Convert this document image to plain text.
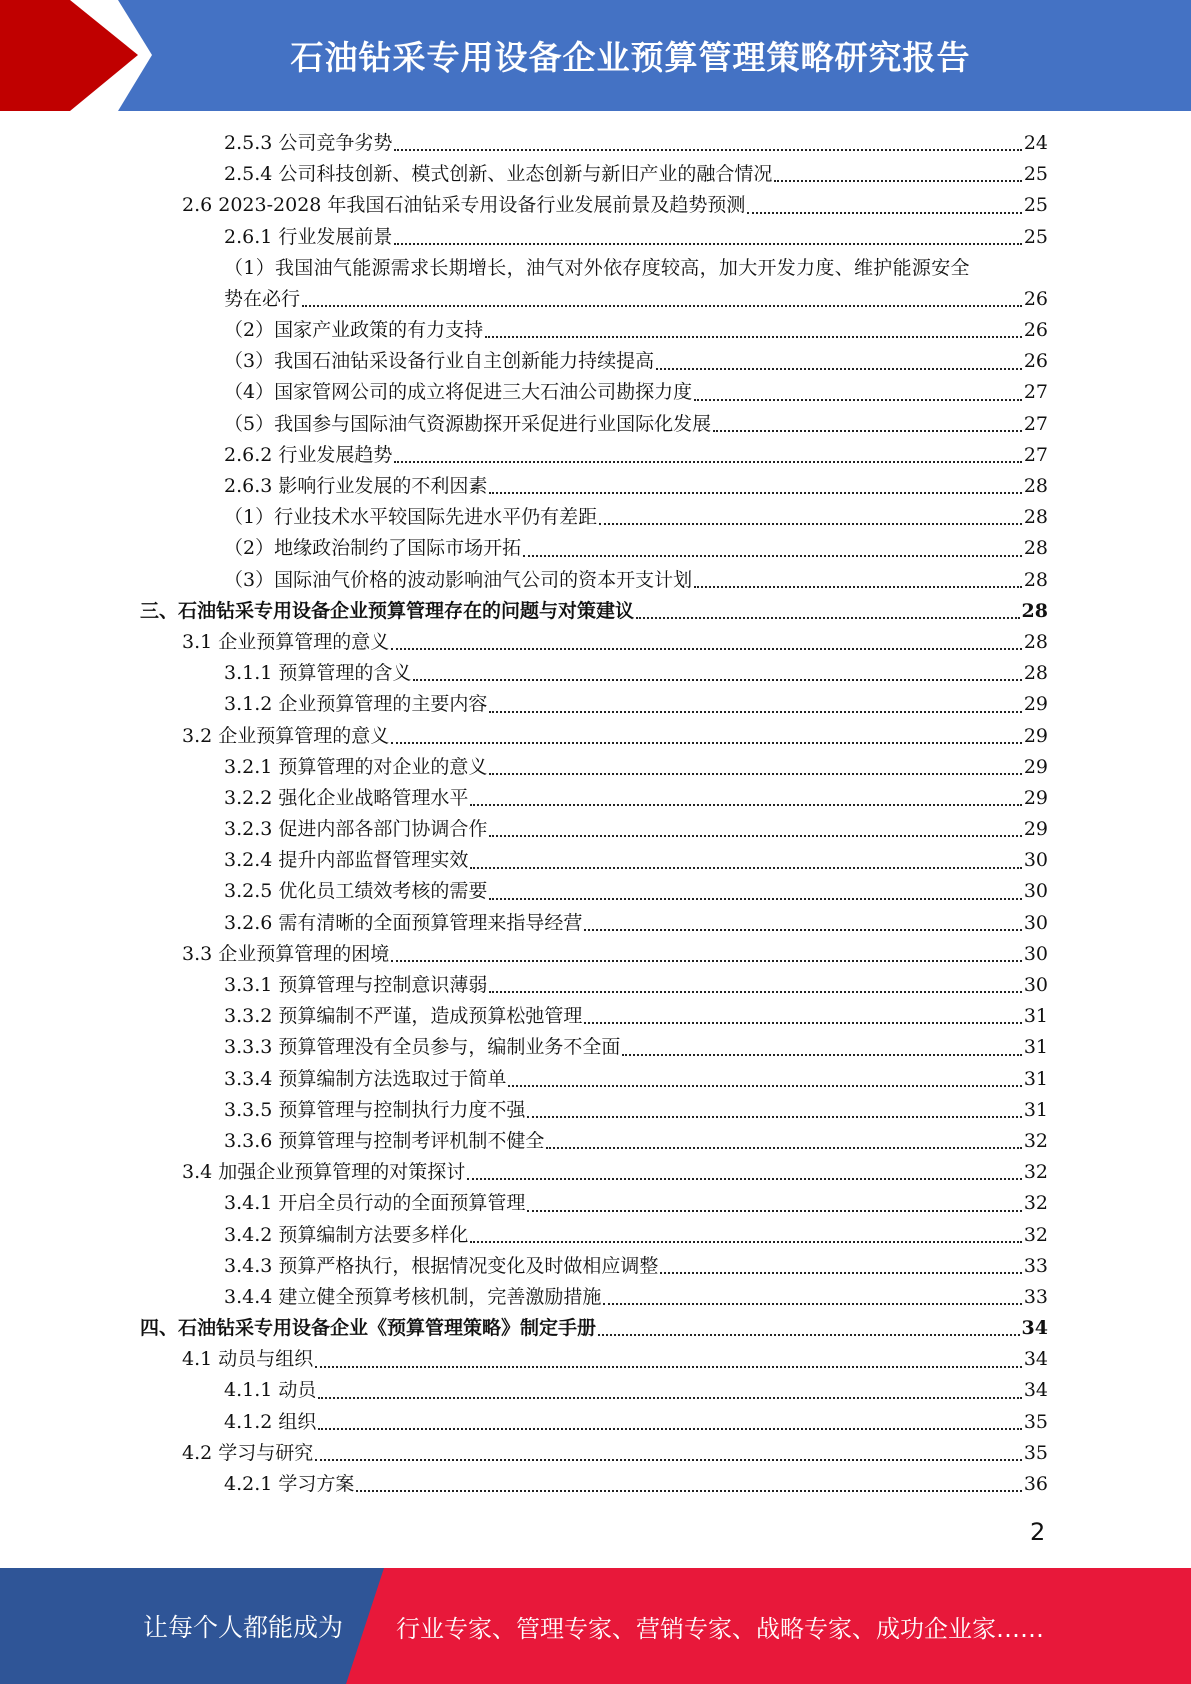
石油钻采专用设备企业预算管理策略研究报告
2.5.3 公司竞争劣势	24
2.5.4 公司科技创新、模式创新、业态创新与新旧产业的融合情况	25
2.6 2023-2028 年我国石油钻采专用设备行业发展前景及趋势预测	25
2.6.1 行业发展前景	25
（1）我国油气能源需求长期增长，油气对外依存度较高，加大开发力度、维护能源安全
势在必行	26
（2）国家产业政策的有力支持	26
（3）我国石油钻采设备行业自主创新能力持续提高	26
（4）国家管网公司的成立将促进三大石油公司勘探力度	27
（5）我国参与国际油气资源勘探开采促进行业国际化发展	27
2.6.2 行业发展趋势	27
2.6.3 影响行业发展的不利因素	28
（1）行业技术水平较国际先进水平仍有差距	28
（2）地缘政治制约了国际市场开拓	28
（3）国际油气价格的波动影响油气公司的资本开支计划	28
三、石油钻采专用设备企业预算管理存在的问题与对策建议	28
3.1 企业预算管理的意义	28
3.1.1 预算管理的含义	28
3.1.2 企业预算管理的主要内容	29
3.2 企业预算管理的意义	29
3.2.1 预算管理的对企业的意义	29
3.2.2 强化企业战略管理水平	29
3.2.3 促进内部各部门协调合作	29
3.2.4 提升内部监督管理实效	30
3.2.5 优化员工绩效考核的需要	30
3.2.6 需有清晰的全面预算管理来指导经营	30
3.3 企业预算管理的困境	30
3.3.1 预算管理与控制意识薄弱	30
3.3.2 预算编制不严谨，造成预算松弛管理	31
3.3.3 预算管理没有全员参与，编制业务不全面	31
3.3.4 预算编制方法选取过于简单	31
3.3.5 预算管理与控制执行力度不强	31
3.3.6 预算管理与控制考评机制不健全	32
3.4 加强企业预算管理的对策探讨	32
3.4.1 开启全员行动的全面预算管理	32
3.4.2 预算编制方法要多样化	32
3.4.3 预算严格执行，根据情况变化及时做相应调整	33
3.4.4 建立健全预算考核机制，完善激励措施	33
四、石油钻采专用设备企业《预算管理策略》制定手册	34
4.1 动员与组织	34
4.1.1 动员	34
4.1.2 组织	35
4.2 学习与研究	35
4.2.1 学习方案	36
2
让每个人都能成为 行业专家、管理专家、营销专家、战略专家、成功企业家……
